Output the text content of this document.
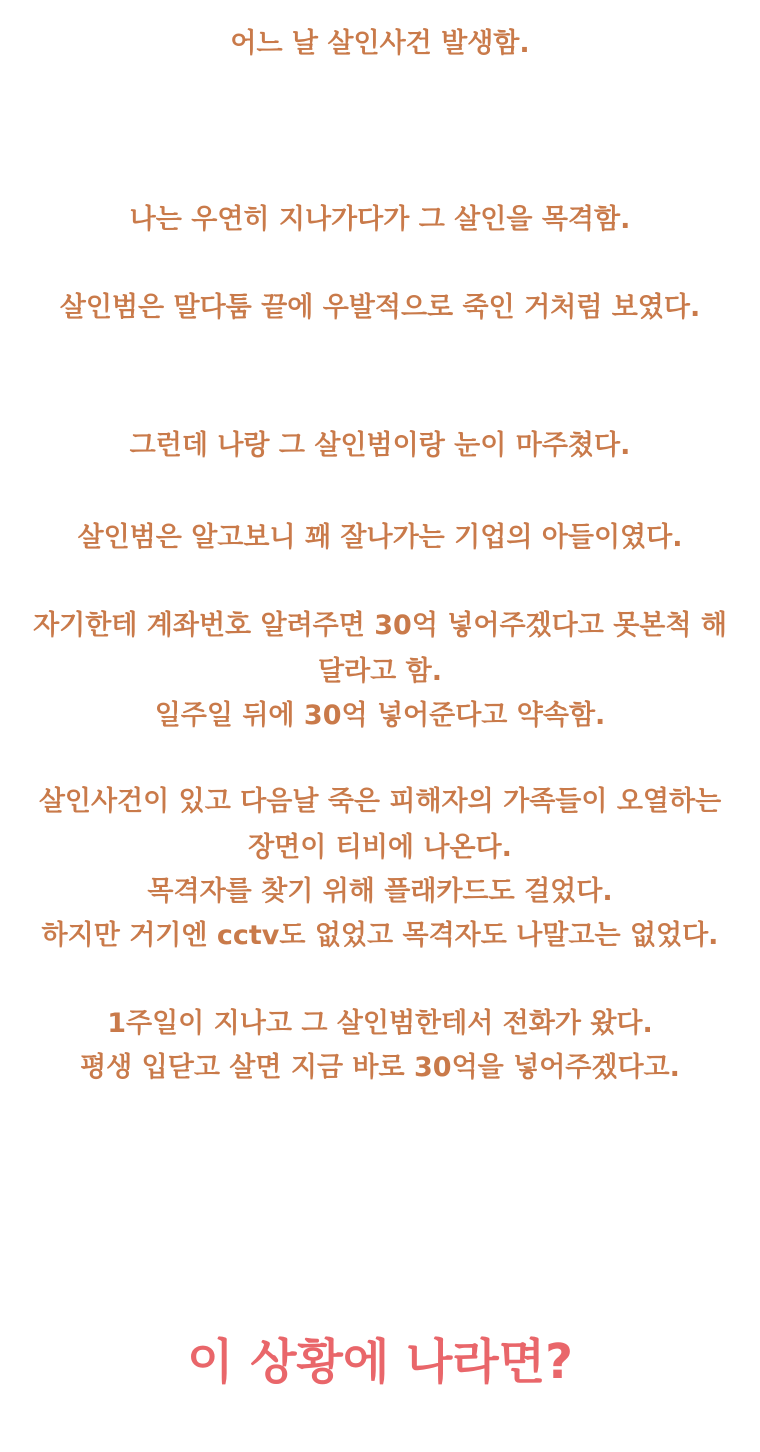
어느 날 살인사건 발생함.
나는 우연히 지나가다가 그 살인을 목격함.
살인범은 말다툼 끝에 우발적으로 죽인 거처럼 보였다.
그런데 나랑 그 살인범이랑 눈이 마주쳤다.
살인범은 알고보니 꽤 잘나가는 기업의 아들이였다.
자기한테 계좌번호 알려주면 30억 넣어주겠다고 못본척 해
달라고 함.
일주일 뒤에 30억 넣어준다고 약속함.
살인사건이 있고 다음날 죽은 피해자의 가족들이 오열하는
장면이 티비에 나온다.
목격자를 찾기 위해 플래카드도 걸었다.
하지만 거기엔 cctv도 없었고 목격자도 나말고는 없었다.
1주일이 지나고 그 살인범한테서 전화가 왔다.
평생 입닫고 살면 지금 바로 30억을 넣어주겠다고.
이 상황에 나라면?
